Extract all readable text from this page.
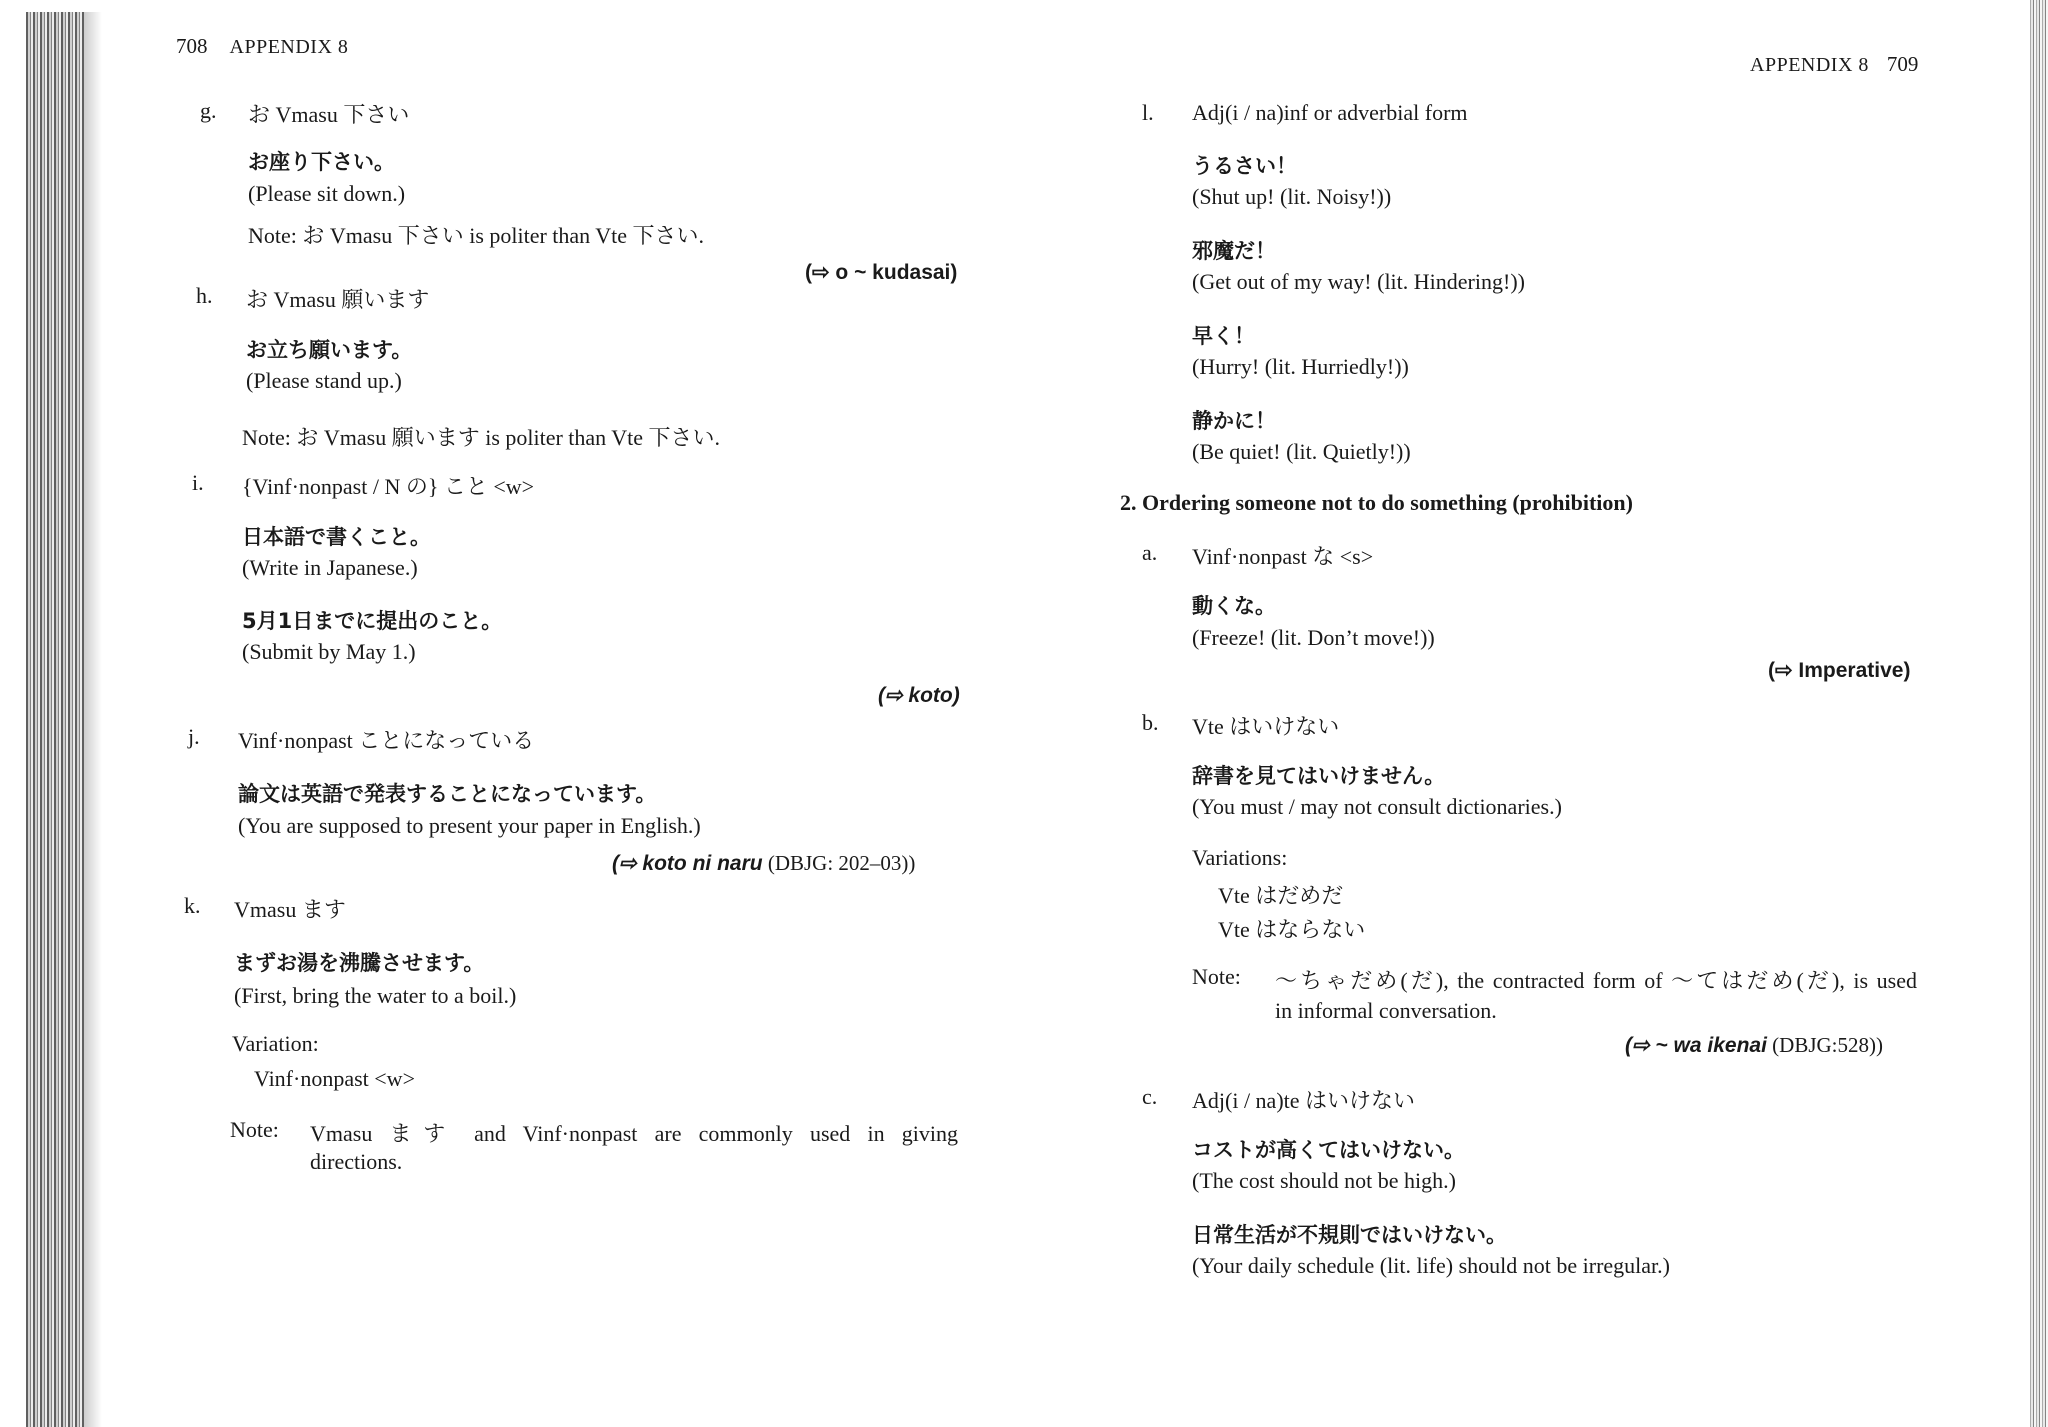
708 APPENDIX 8
g. お Vmasu 下さい
お座り下さい。
(Please sit down.)
Note: お Vmasu 下さい is politer than Vte 下さい.
(⇨ o ~ kudasai)
h. お Vmasu 願います
お立ち願います。
(Please stand up.)
Note: お Vmasu 願います is politer than Vte 下さい.
i. {Vinf·nonpast / N の} こと <w>
日本語で書くこと。
(Write in Japanese.)
5月1日までに提出のこと。
(Submit by May 1.)
(⇨ koto)
j. Vinf·nonpast ことになっている
論文は英語で発表することになっています。
(You are supposed to present your paper in English.)
(⇨ koto ni naru (DBJG: 202–03))
k. Vmasu ます
まずお湯を沸騰させます。
(First, bring the water to a boil.)
Variation:
Vinf·nonpast <w>
Note: Vmasu ます and Vinf·nonpast are commonly used in giving
directions.
APPENDIX 8 709
l. Adj(i / na)inf or adverbial form
うるさい！
(Shut up! (lit. Noisy!))
邪魔だ！
(Get out of my way! (lit. Hindering!))
早く！
(Hurry! (lit. Hurriedly!))
静かに！
(Be quiet! (lit. Quietly!))
2. Ordering someone not to do something (prohibition)
a. Vinf·nonpast な <s>
動くな。
(Freeze! (lit. Don’t move!))
(⇨ Imperative)
b. Vte はいけない
辞書を見てはいけません。
(You must / may not consult dictionaries.)
Variations:
Vte はだめだ
Vte はならない
Note: ～ちゃだめ(だ), the contracted form of ～てはだめ(だ), is used
in informal conversation.
(⇨ ~ wa ikenai (DBJG:528))
c. Adj(i / na)te はいけない
コストが高くてはいけない。
(The cost should not be high.)
日常生活が不規則ではいけない。
(Your daily schedule (lit. life) should not be irregular.)
